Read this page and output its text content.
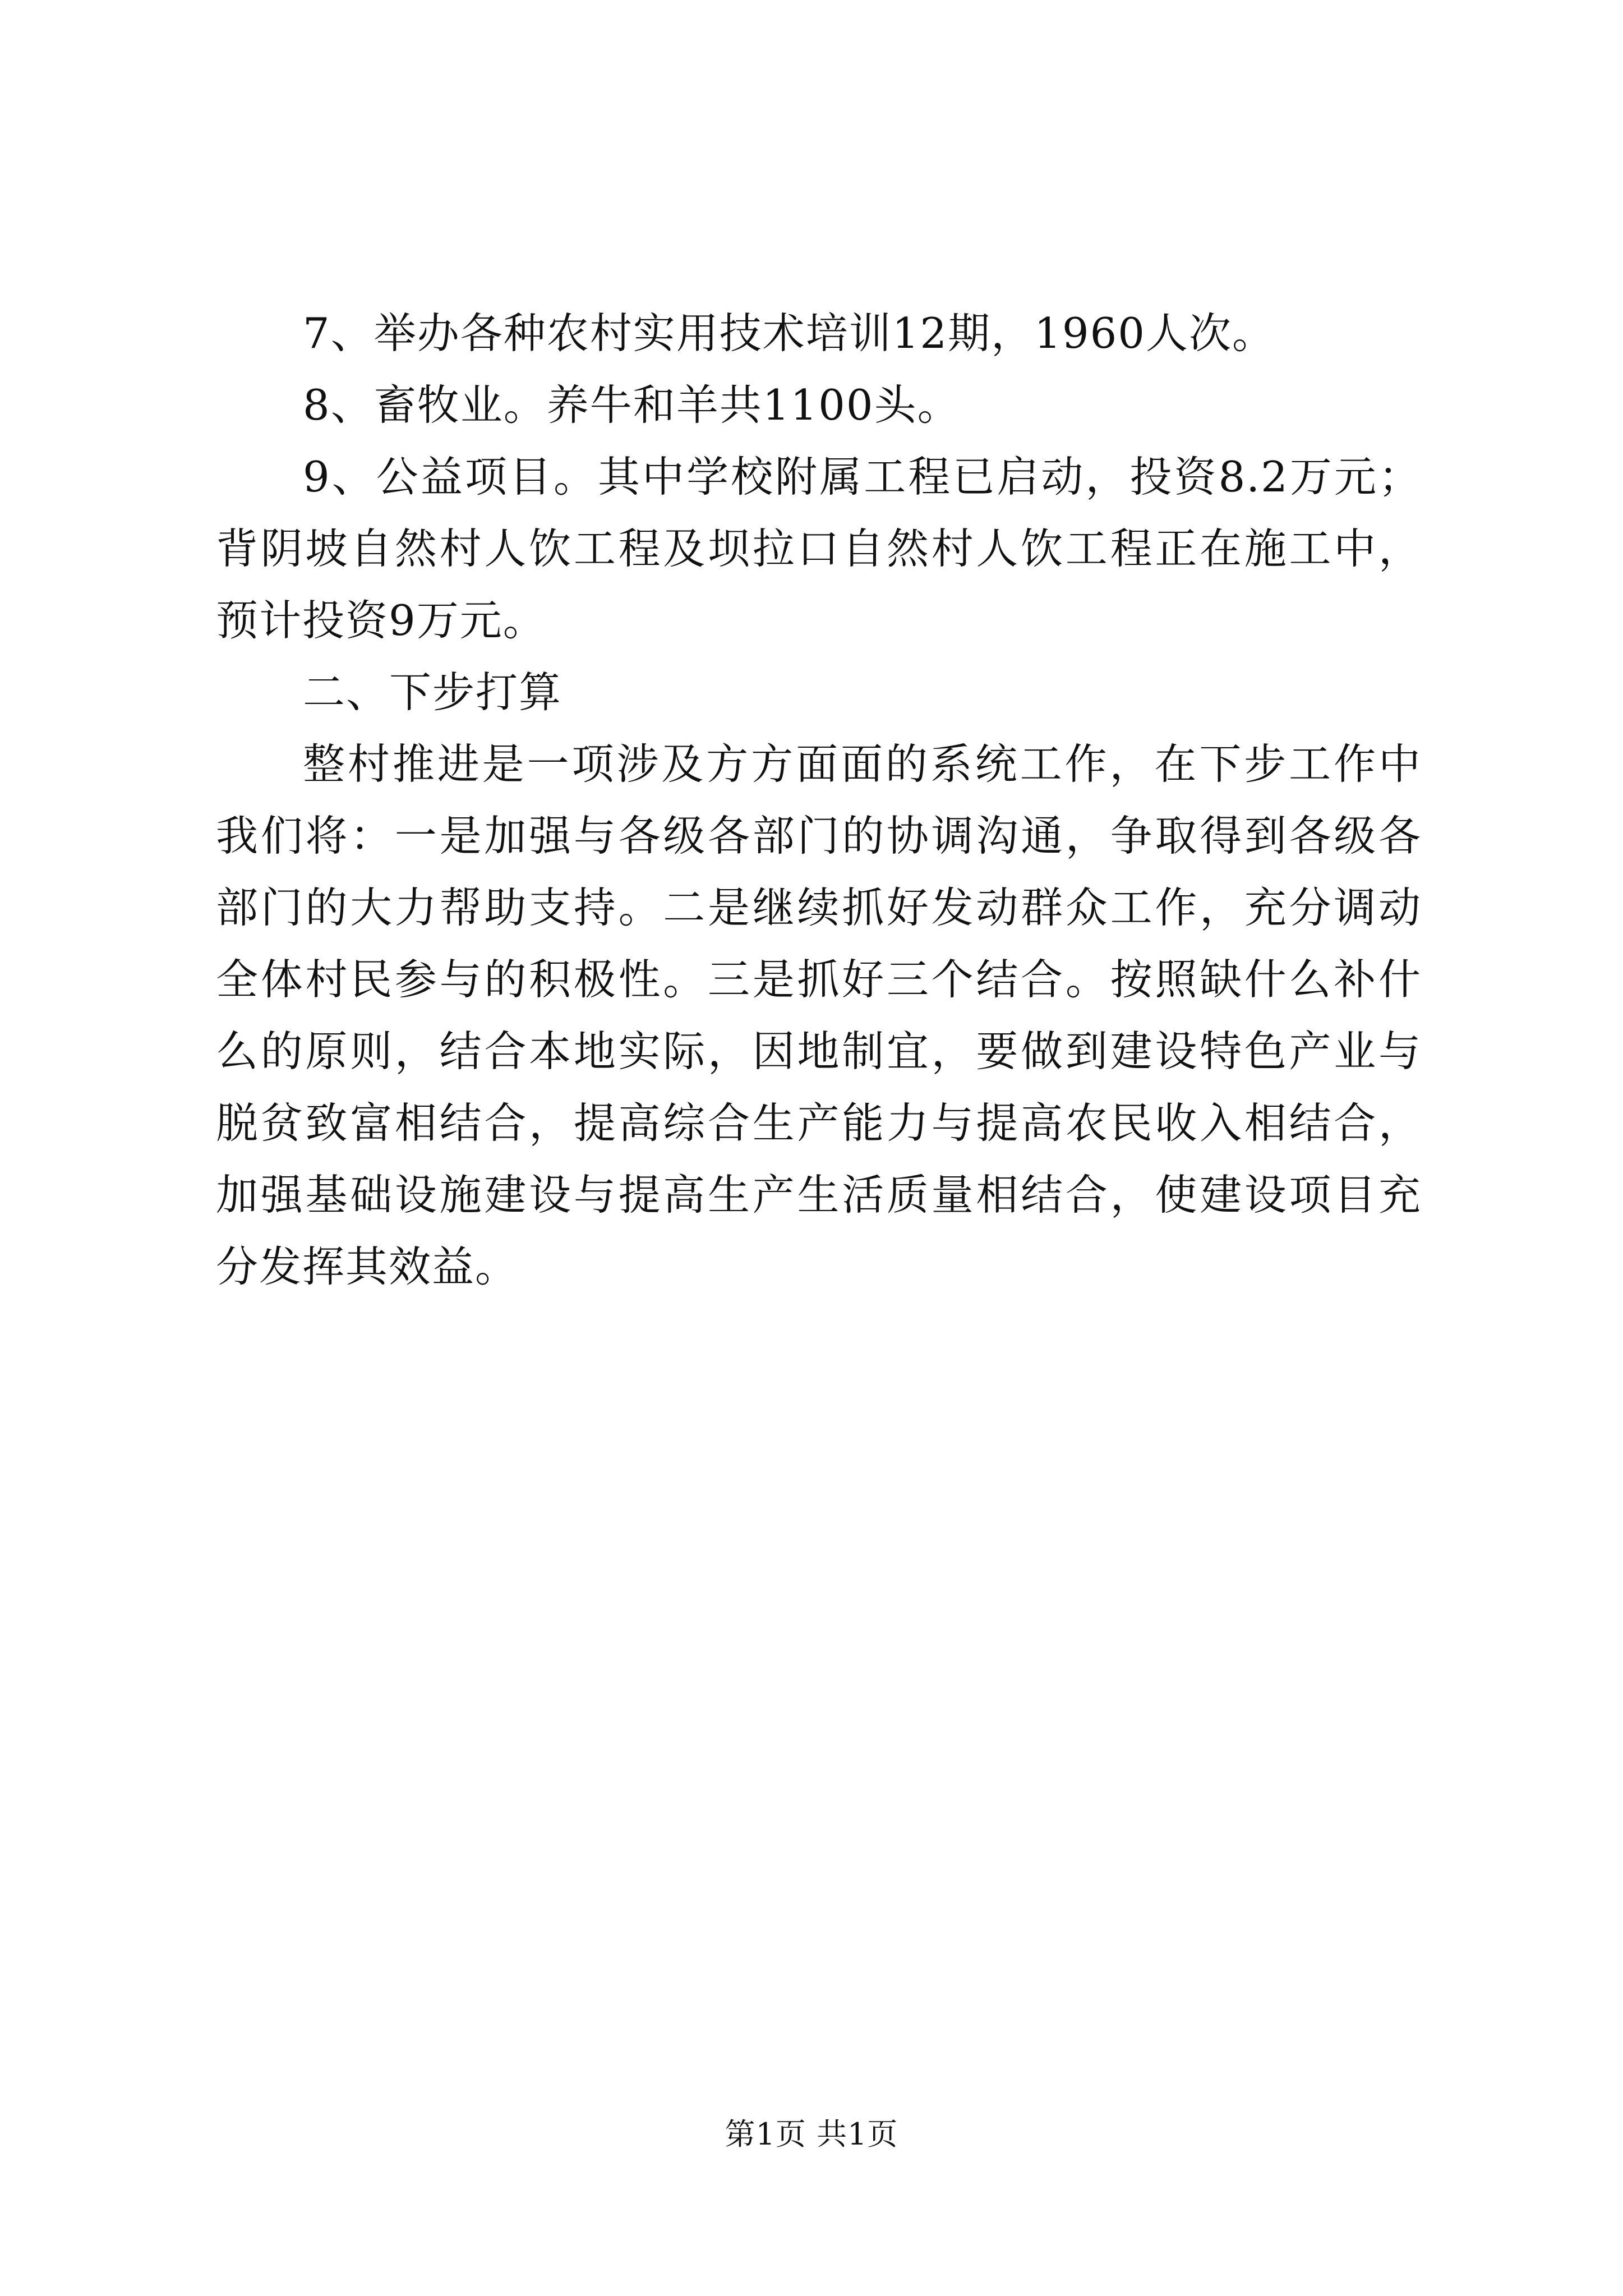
7、举办各种农村实用技术培训12期，1960人次。

8、畜牧业。养牛和羊共1100头。

9、公益项目。其中学校附属工程已启动，投资8.2万元；背阴坡自然村人饮工程及坝拉口自然村人饮工程正在施工中，预计投资9万元。

二、下步打算

整村推进是一项涉及方方面面的系统工作，在下步工作中我们将：一是加强与各级各部门的协调沟通，争取得到各级各部门的大力帮助支持。二是继续抓好发动群众工作，充分调动全体村民参与的积极性。三是抓好三个结合。按照缺什么补什么的原则，结合本地实际，因地制宜，要做到建设特色产业与脱贫致富相结合，提高综合生产能力与提高农民收入相结合，加强基础设施建设与提高生产生活质量相结合，使建设项目充分发挥其效益。

第1页 共1页
